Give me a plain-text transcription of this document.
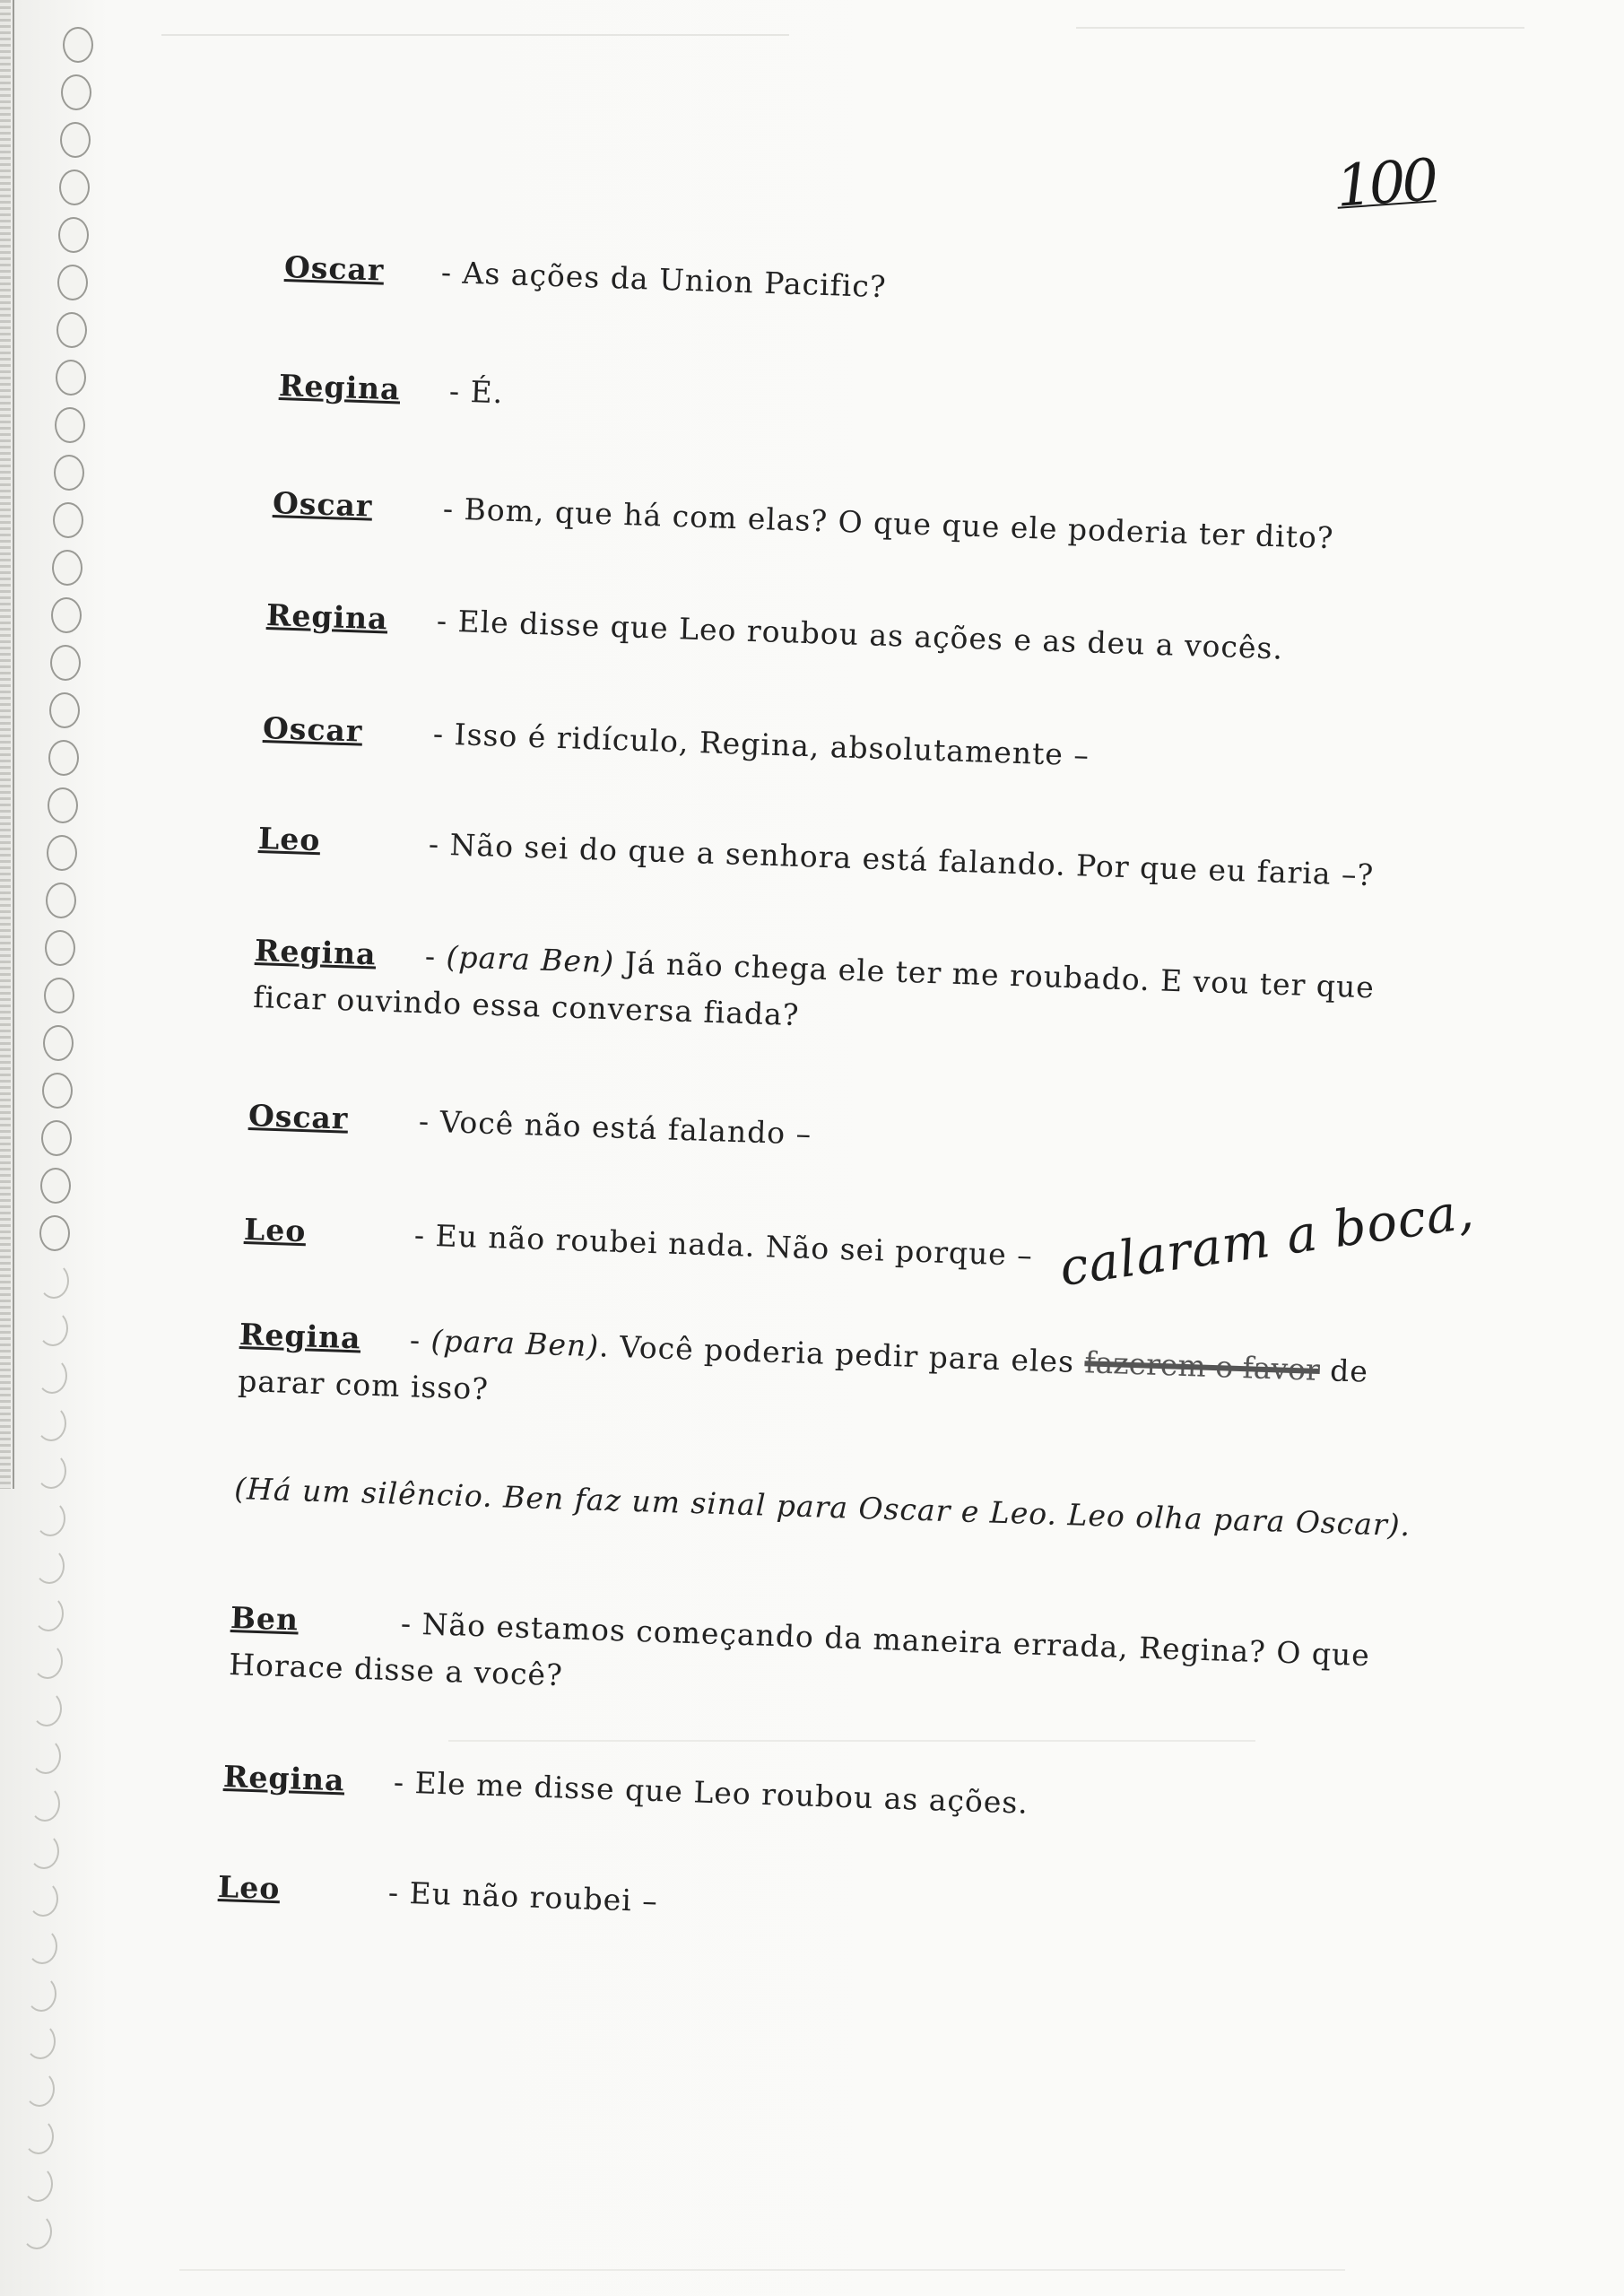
100
Oscar - As ações da Union Pacific?
Regina - É.
Oscar - Bom, que há com elas? O que que ele poderia ter dito?
Regina - Ele disse que Leo roubou as ações e as deu a vocês.
Oscar - Isso é ridículo, Regina, absolutamente –
Leo	- Não sei do que a senhora está falando. Por que eu faria –?
Regina - (para Ben) Já não chega ele ter me roubado. E vou ter que
ficar ouvindo essa conversa fiada?
Oscar - Você não está falando –
Leo	- Eu não roubei nada. Não sei porque –
Regina - (para Ben). Você poderia pedir para eles fazerem o favor de
parar com isso?
calaram a boca,
(Há um silêncio. Ben faz um sinal para Oscar e Leo. Leo olha para Oscar).
Ben	- Não estamos começando da maneira errada, Regina? O que
Horace disse a você?
Regina - Ele me disse que Leo roubou as ações.
Leo	- Eu não roubei –
